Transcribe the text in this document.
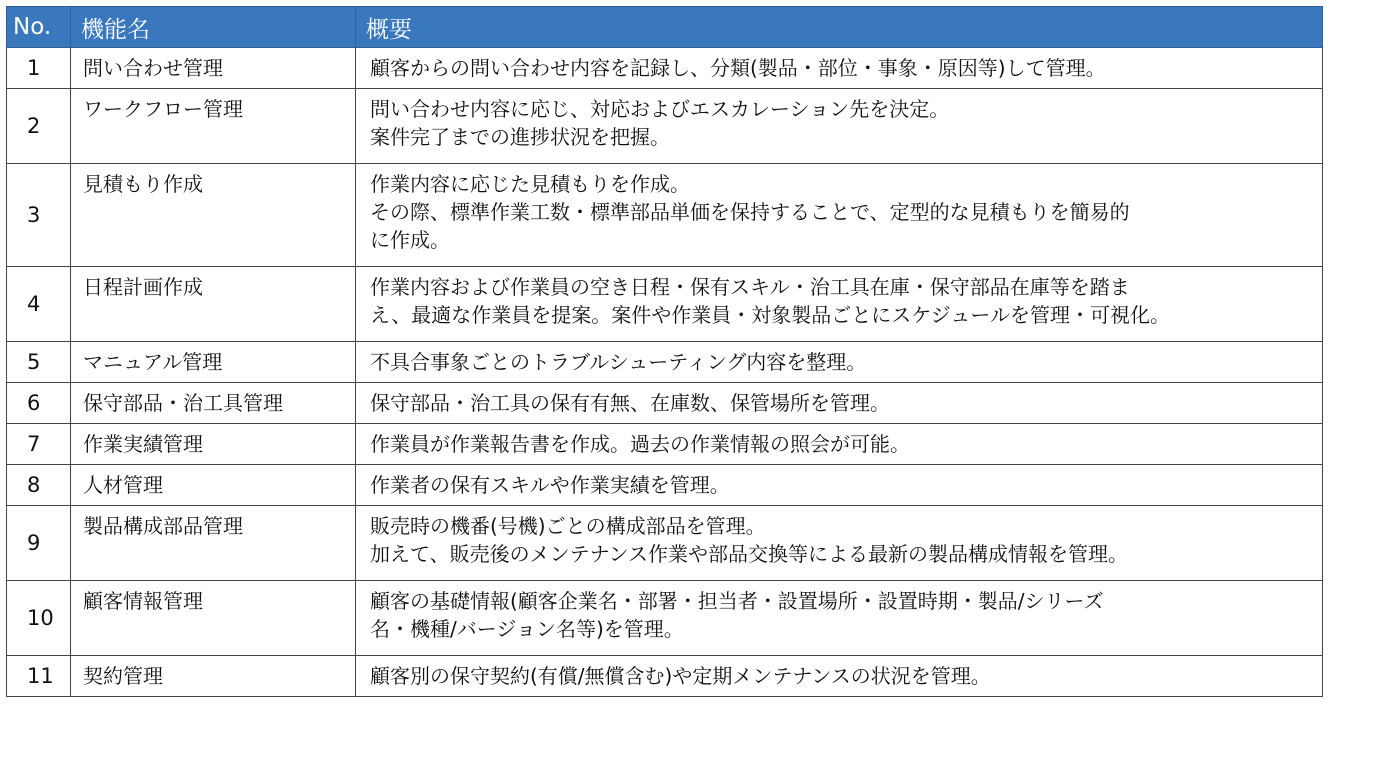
No.	機能名	概要
1	問い合わせ管理	顧客からの問い合わせ内容を記録し、分類(製品・部位・事象・原因等)して管理。
2	ワークフロー管理	問い合わせ内容に応じ、対応およびエスカレーション先を決定。
案件完了までの進捗状況を把握。
3	見積もり作成	作業内容に応じた見積もりを作成。
その際、標準作業工数・標準部品単価を保持することで、定型的な見積もりを簡易的
に作成。
4	日程計画作成	作業内容および作業員の空き日程・保有スキル・治工具在庫・保守部品在庫等を踏ま
え、最適な作業員を提案。案件や作業員・対象製品ごとにスケジュールを管理・可視化。
5	マニュアル管理	不具合事象ごとのトラブルシューティング内容を整理。
6	保守部品・治工具管理	保守部品・治工具の保有有無、在庫数、保管場所を管理。
7	作業実績管理	作業員が作業報告書を作成。過去の作業情報の照会が可能。
8	人材管理	作業者の保有スキルや作業実績を管理。
9	製品構成部品管理	販売時の機番(号機)ごとの構成部品を管理。
加えて、販売後のメンテナンス作業や部品交換等による最新の製品構成情報を管理。
10	顧客情報管理	顧客の基礎情報(顧客企業名・部署・担当者・設置場所・設置時期・製品/シリーズ
名・機種/バージョン名等)を管理。
11	契約管理	顧客別の保守契約(有償/無償含む)や定期メンテナンスの状況を管理。
